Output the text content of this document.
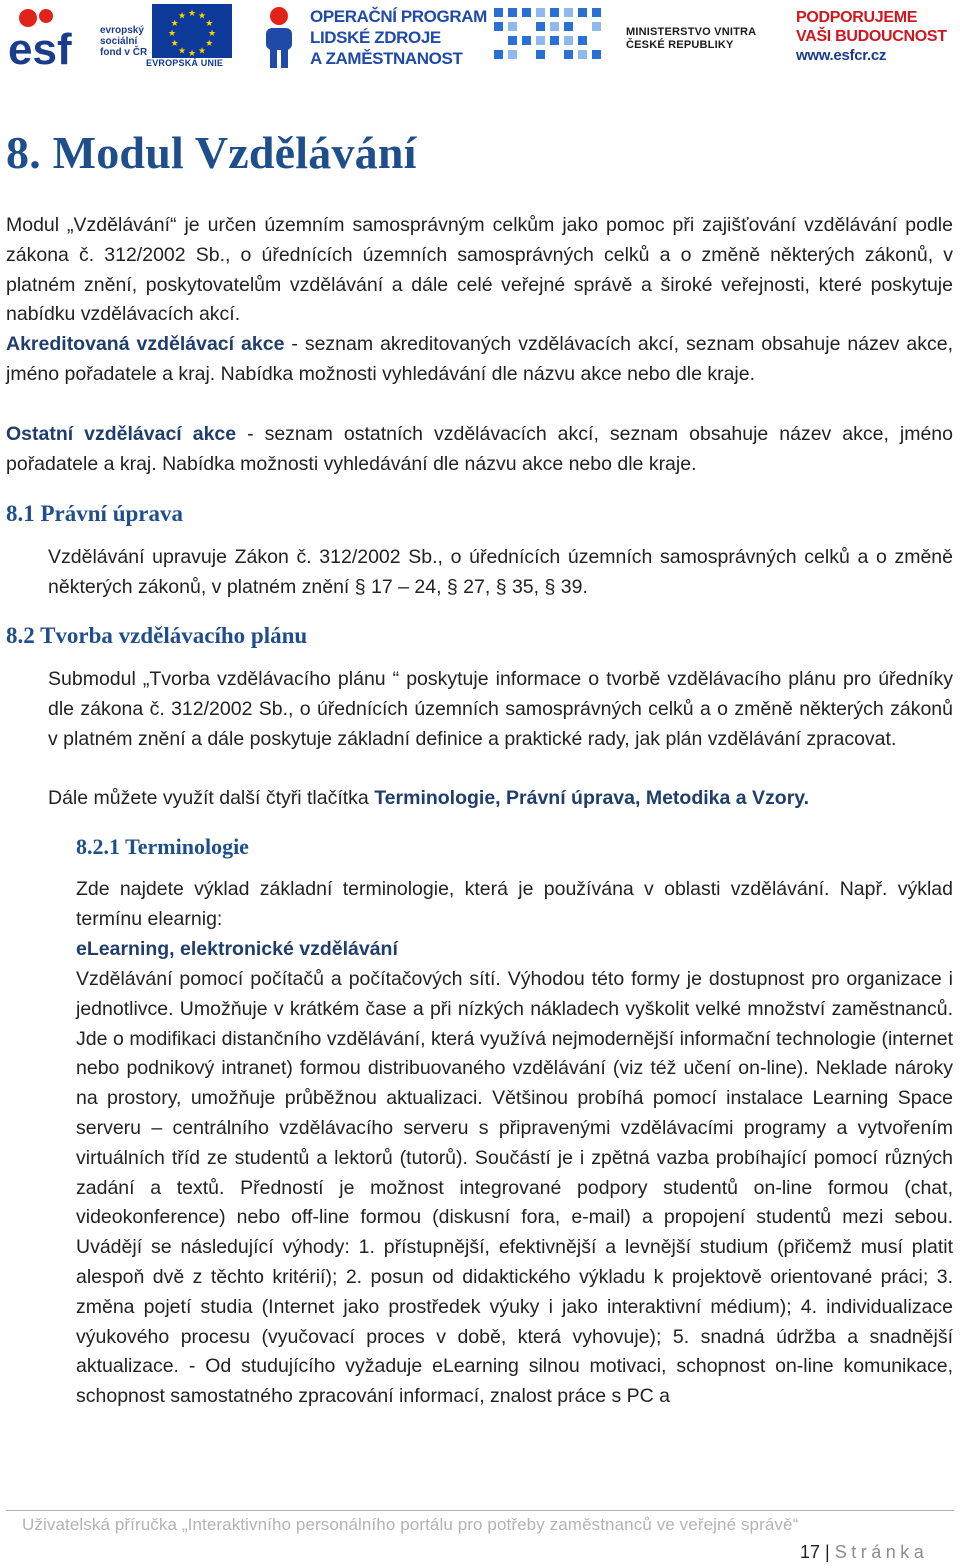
esf	evropský
sociální
fond v ČR
★ ★
★
★
★
★
★
★
★
★
★
★
EVROPSKÁ UNIE
OPERAČNÍ PROGRAM
LIDSKÉ ZDROJE
A ZAMĚSTNANOST
MINISTERSTVO VNITRA
ČESKÉ REPUBLIKY
PODPORUJEME
VAŠI BUDOUCNOST
www.esfcr.cz
8. Modul Vzdělávání
Modul „Vzdělávání“ je určen územním samosprávným celkům jako pomoc při zajišťování vzdělávání podle zákona č. 312/2002 Sb., o úřednících územních samosprávných celků a o změně některých zákonů, v platném znění, poskytovatelům vzdělávání a dále celé veřejné správě a široké veřejnosti, které poskytuje nabídku vzdělávacích akcí.
Akreditovaná vzdělávací akce - seznam akreditovaných vzdělávacích akcí, seznam obsahuje název akce, jméno pořadatele a kraj. Nabídka možnosti vyhledávání dle názvu akce nebo dle kraje.
Ostatní vzdělávací akce - seznam ostatních vzdělávacích akcí, seznam obsahuje název akce, jméno pořadatele a kraj. Nabídka možnosti vyhledávání dle názvu akce nebo dle kraje.
8.1 Právní úprava
Vzdělávání upravuje Zákon č. 312/2002 Sb., o úřednících územních samosprávných celků a o změně některých zákonů, v platném znění § 17 – 24, § 27, § 35, § 39.
8.2 Tvorba vzdělávacího plánu
Submodul „Tvorba vzdělávacího plánu “ poskytuje informace o tvorbě vzdělávacího plánu pro úředníky dle zákona č. 312/2002 Sb., o úřednících územních samosprávných celků a o změně některých zákonů v platném znění a dále poskytuje základní definice a praktické rady, jak plán vzdělávání zpracovat.
Dále můžete využít další čtyři tlačítka Terminologie, Právní úprava, Metodika a Vzory.
8.2.1 Terminologie
Zde najdete výklad základní terminologie, která je používána v oblasti vzdělávání. Např. výklad termínu elearnig:
eLearning, elektronické vzdělávání
Vzdělávání pomocí počítačů a počítačových sítí. Výhodou této formy je dostupnost pro organizace i jednotlivce. Umožňuje v krátkém čase a při nízkých nákladech vyškolit velké množství zaměstnanců. Jde o modifikaci distančního vzdělávání, která využívá nejmodernější informační technologie (internet nebo podnikový intranet) formou distribuovaného vzdělávání (viz též učení on-line). Neklade nároky na prostory, umožňuje průběžnou aktualizaci. Většinou probíhá pomocí instalace Learning Space serveru – centrálního vzdělávacího serveru s připravenými vzdělávacími programy a vytvořením virtuálních tříd ze studentů a lektorů (tutorů). Součástí je i zpětná vazba probíhající pomocí různých zadání a textů. Předností je možnost integrované podpory studentů on-line formou (chat, videokonference) nebo off-line formou (diskusní fora, e-mail) a propojení studentů mezi sebou. Uvádějí se následující výhody: 1. přístupnější, efektivnější a levnější studium (přičemž musí platit alespoň dvě z těchto kritérií); 2. posun od didaktického výkladu k projektově orientované práci; 3. změna pojetí studia (Internet jako prostředek výuky i jako interaktivní médium); 4. individualizace výukového procesu (vyučovací proces v době, která vyhovuje); 5. snadná údržba a snadnější aktualizace. - Od studujícího vyžaduje eLearning silnou motivaci, schopnost on-line komunikace, schopnost samostatného zpracování informací, znalost práce s PC a
Uživatelská příručka „Interaktivního personálního portálu pro potřeby zaměstnanců ve veřejné správě“
17 | Stránka
